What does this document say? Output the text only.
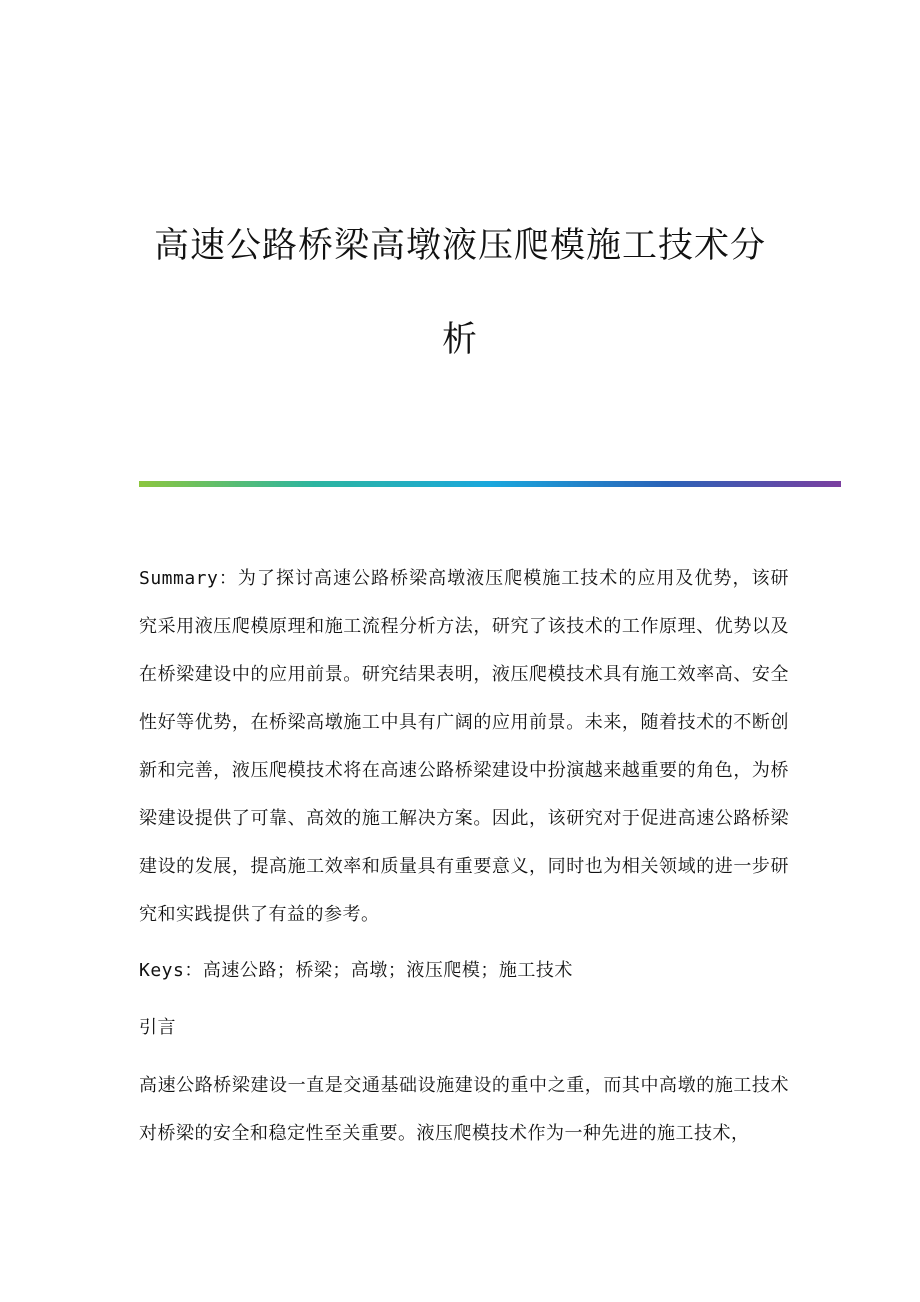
高速公路桥梁高墩液压爬模施工技术分
析

Summary：为了探讨高速公路桥梁高墩液压爬模施工技术的应用及优势，该研究采用液压爬模原理和施工流程分析方法，研究了该技术的工作原理、优势以及在桥梁建设中的应用前景。研究结果表明，液压爬模技术具有施工效率高、安全性好等优势，在桥梁高墩施工中具有广阔的应用前景。未来，随着技术的不断创新和完善，液压爬模技术将在高速公路桥梁建设中扮演越来越重要的角色，为桥梁建设提供了可靠、高效的施工解决方案。因此，该研究对于促进高速公路桥梁建设的发展，提高施工效率和质量具有重要意义，同时也为相关领域的进一步研究和实践提供了有益的参考。

Keys：高速公路；桥梁；高墩；液压爬模；施工技术

引言

高速公路桥梁建设一直是交通基础设施建设的重中之重，而其中高墩的施工技术对桥梁的安全和稳定性至关重要。液压爬模技术作为一种先进的施工技术，
